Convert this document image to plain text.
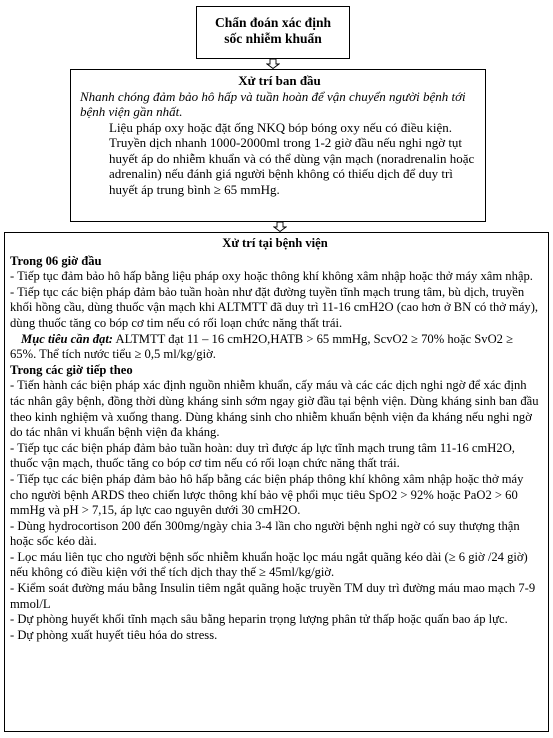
Chẩn đoán xác định
sốc nhiễm khuẩn
Xử trí ban đầu

Nhanh chóng đảm bảo hô hấp và tuần hoàn để vận chuyển người bệnh tới bệnh viện gần nhất.

Liệu pháp oxy hoặc đặt ống NKQ bóp bóng oxy nếu có điều kiện. Truyền dịch nhanh 1000-2000ml trong 1-2 giờ đầu nếu nghi ngờ tụt huyết áp do nhiễm khuẩn và có thể dùng vận mạch (noradrenalin hoặc adrenalin) nếu đánh giá người bệnh không có thiếu dịch để duy trì huyết áp trung bình ≥ 65 mmHg.

Xử trí tại bệnh viện

Trong 06 giờ đầu

- Tiếp tục đảm bảo hô hấp bằng liệu pháp oxy hoặc thông khí không xâm nhập hoặc thở máy xâm nhập.

- Tiếp tục các biện pháp đảm bảo tuần hoàn như đặt đường tuyền tĩnh mạch trung tâm, bù dịch, truyền khối hồng cầu, dùng thuốc vận mạch khi ALTMTT đã duy trì 11-16 cmH2O (cao hơn ở BN có thở máy), dùng thuốc tăng co bóp cơ tim nếu có rối loạn chức năng thất trái.

Mục tiêu cần đạt: ALTMTT đạt 11 – 16 cmH2O,HATB > 65 mmHg, ScvO2 ≥ 70% hoặc SvO2 ≥ 65%. Thể tích nước tiểu ≥ 0,5 ml/kg/giờ.

Trong các giờ tiếp theo

- Tiến hành các biện pháp xác định nguồn nhiễm khuẩn, cấy máu và các các dịch nghi ngờ để xác định tác nhân gây bệnh, đồng thời dùng kháng sinh sớm ngay giờ đầu tại bệnh viện. Dùng kháng sinh ban đầu theo kinh nghiệm và xuống thang. Dùng kháng sinh cho nhiễm khuẩn bệnh viện đa kháng nếu nghi ngờ do tác nhân vi khuẩn bệnh viện đa kháng.

- Tiếp tục các biện pháp đảm bảo tuần hoàn: duy trì được áp lực tĩnh mạch trung tâm 11-16 cmH2O, thuốc vận mạch, thuốc tăng co bóp cơ tim nếu có rối loạn chức năng thất trái.

- Tiếp tục các biện pháp đảm bảo hô hấp bằng các biện pháp thông khí không xâm nhập hoặc thở máy cho người bệnh ARDS theo chiến lược thông khí bảo vệ phổi mục tiêu SpO2 > 92% hoặc PaO2 > 60 mmHg và pH > 7,15, áp lực cao nguyên dưới 30 cmH2O.

- Dùng hydrocortison 200 đến 300mg/ngày chia 3-4 lần cho người bệnh nghi ngờ có suy thượng thận hoặc sốc kéo dài.

- Lọc máu liên tục cho người bệnh sốc nhiễm khuẩn hoặc lọc máu ngắt quãng kéo dài (≥ 6 giờ /24 giờ) nếu không có điều kiện với thể tích dịch thay thế ≥ 45ml/kg/giờ.

- Kiểm soát đường máu bằng Insulin tiêm ngắt quãng hoặc truyền TM duy trì đường máu mao mạch 7-9 mmol/L

- Dự phòng huyết khối tĩnh mạch sâu bằng heparin trọng lượng phân tử thấp hoặc quấn bao áp lực.

- Dự phòng xuất huyết tiêu hóa do stress.
